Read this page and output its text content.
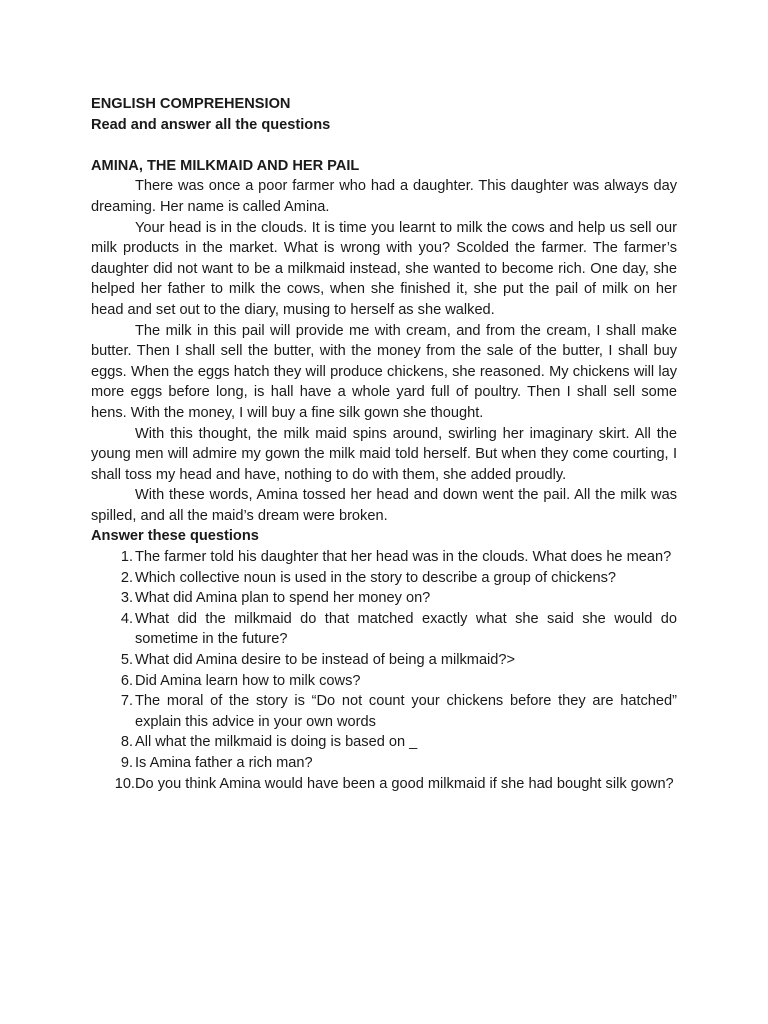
ENGLISH COMPREHENSION

Read and answer all the questions

AMINA, THE MILKMAID AND HER PAIL

There was once a poor farmer who had a daughter. This daughter was always day dreaming. Her name is called Amina.

Your head is in the clouds. It is time you learnt to milk the cows and help us sell our milk products in the market. What is wrong with you? Scolded the farmer. The farmer’s daughter did not want to be a milkmaid instead, she wanted to become rich. One day, she helped her father to milk the cows, when she finished it, she put the pail of milk on her head and set out to the diary, musing to herself as she walked.

The milk in this pail will provide me with cream, and from the cream, I shall make butter. Then I shall sell the butter, with the money from the sale of the butter, I shall buy eggs. When the eggs hatch they will produce chickens, she reasoned. My chickens will lay more eggs before long, is hall have a whole yard full of poultry. Then I shall sell some hens. With the money, I will buy a fine silk gown she thought.

With this thought, the milk maid spins around, swirling her imaginary skirt. All the young men will admire my gown the milk maid told herself. But when they come courting, I shall toss my head and have, nothing to do with them, she added proudly.

With these words, Amina tossed her head and down went the pail. All the milk was spilled, and all the maid’s dream were broken.

Answer these questions

1. The farmer told his daughter that her head was in the clouds. What does he mean?
2. Which collective noun is used in the story to describe a group of chickens?
3. What did Amina plan to spend her money on?
4. What did the milkmaid do that matched exactly what she said she would do sometime in the future?
5. What did Amina desire to be instead of being a milkmaid?>
6. Did Amina learn how to milk cows?
7. The moral of the story is “Do not count your chickens before they are hatched” explain this advice in your own words
8. All what the milkmaid is doing is based on _
9. Is Amina father a rich man?
10. Do you think Amina would have been a good milkmaid if she had bought silk gown?
